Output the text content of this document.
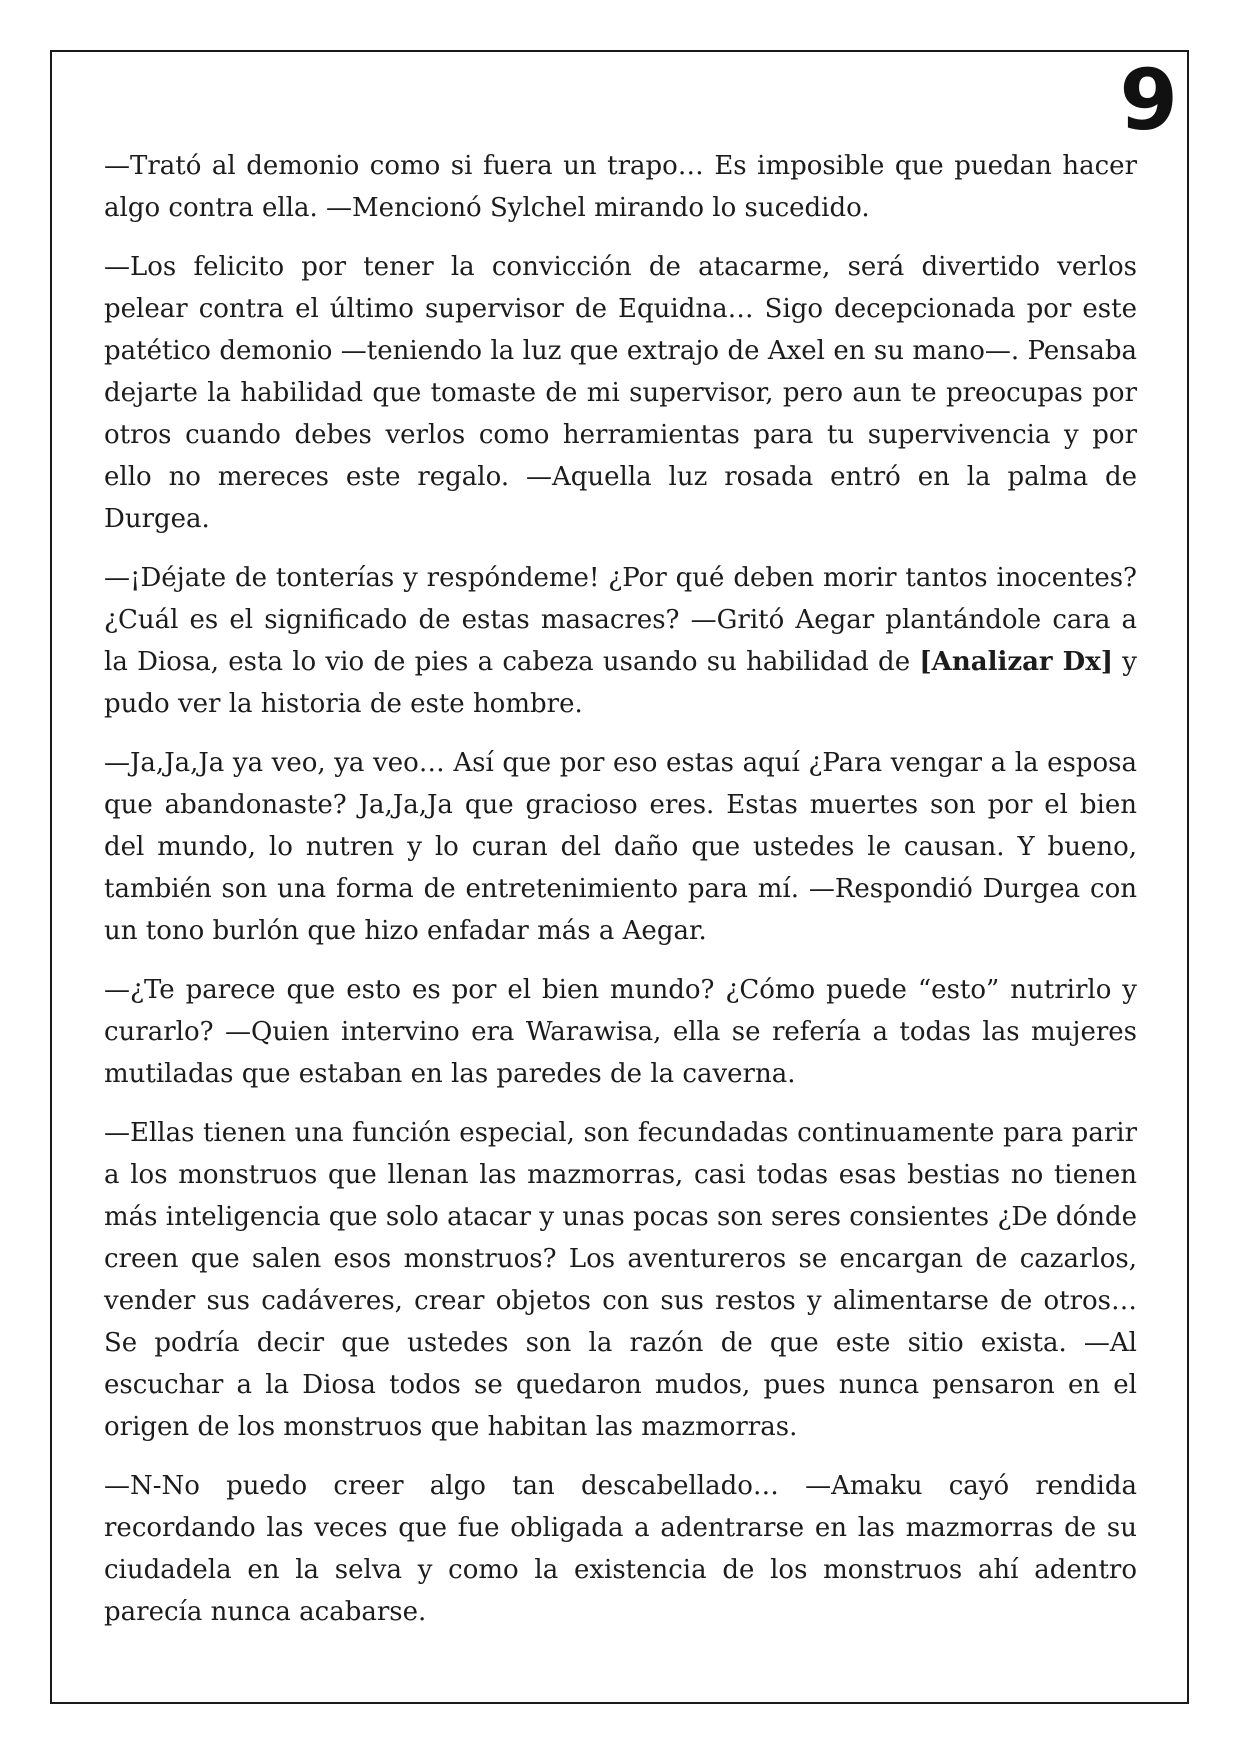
9

—Trató al demonio como si fuera un trapo… Es imposible que puedan hacer algo contra ella. —Mencionó Sylchel mirando lo sucedido.

—Los felicito por tener la convicción de atacarme, será divertido verlos pelear contra el último supervisor de Equidna… Sigo decepcionada por este patético demonio —teniendo la luz que extrajo de Axel en su mano—. Pensaba dejarte la habilidad que tomaste de mi supervisor, pero aun te preocupas por otros cuando debes verlos como herramientas para tu supervivencia y por ello no mereces este regalo. —Aquella luz rosada entró en la palma de Durgea.

—¡Déjate de tonterías y respóndeme! ¿Por qué deben morir tantos inocentes? ¿Cuál es el significado de estas masacres? —Gritó Aegar plantándole cara a la Diosa, esta lo vio de pies a cabeza usando su habilidad de [Analizar Dx] y pudo ver la historia de este hombre.

—Ja,Ja,Ja ya veo, ya veo… Así que por eso estas aquí ¿Para vengar a la esposa que abandonaste? Ja,Ja,Ja que gracioso eres. Estas muertes son por el bien del mundo, lo nutren y lo curan del daño que ustedes le causan. Y bueno, también son una forma de entretenimiento para mí. —Respondió Durgea con un tono burlón que hizo enfadar más a Aegar.

—¿Te parece que esto es por el bien mundo? ¿Cómo puede “esto” nutrirlo y curarlo? —Quien intervino era Warawisa, ella se refería a todas las mujeres mutiladas que estaban en las paredes de la caverna.

—Ellas tienen una función especial, son fecundadas continuamente para parir a los monstruos que llenan las mazmorras, casi todas esas bestias no tienen más inteligencia que solo atacar y unas pocas son seres consientes ¿De dónde creen que salen esos monstruos? Los aventureros se encargan de cazarlos, vender sus cadáveres, crear objetos con sus restos y alimentarse de otros… Se podría decir que ustedes son la razón de que este sitio exista. —Al escuchar a la Diosa todos se quedaron mudos, pues nunca pensaron en el origen de los monstruos que habitan las mazmorras.

—N-No puedo creer algo tan descabellado… —Amaku cayó rendida recordando las veces que fue obligada a adentrarse en las mazmorras de su ciudadela en la selva y como la existencia de los monstruos ahí adentro parecía nunca acabarse.
